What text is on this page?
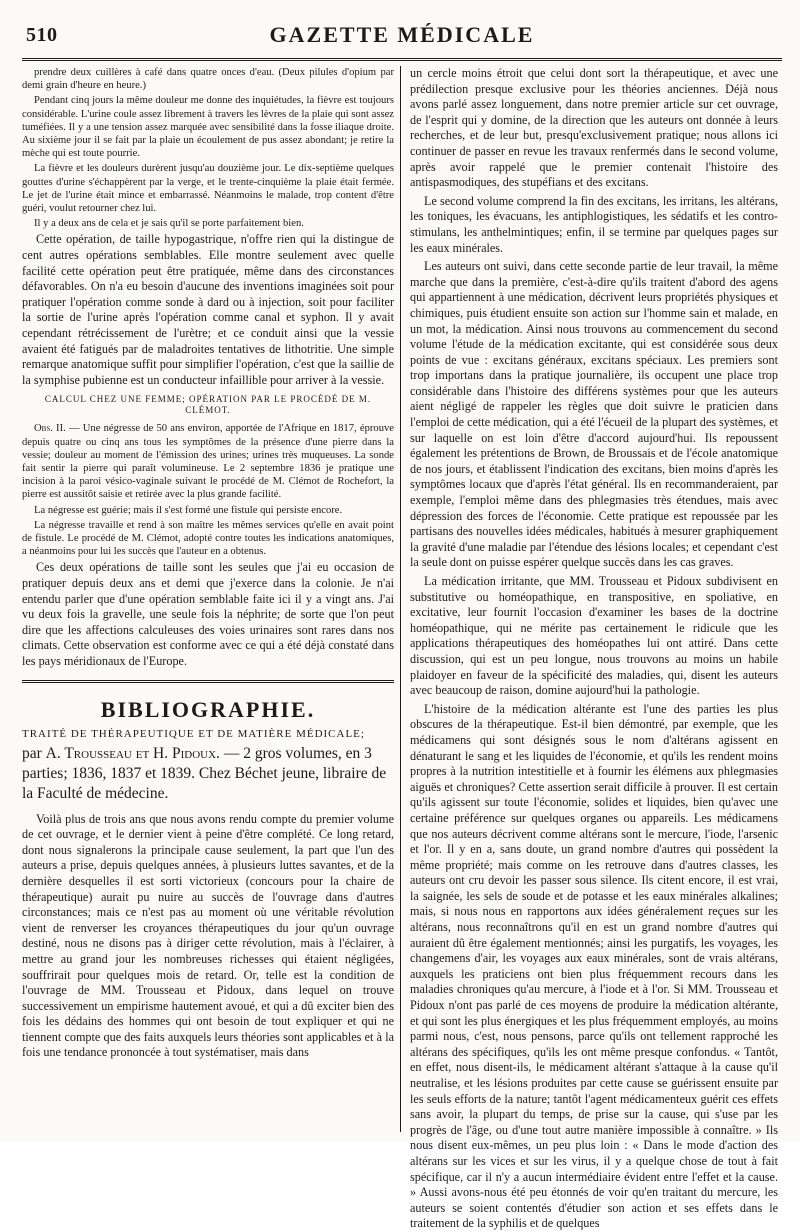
510	GAZETTE MÉDICALE

prendre deux cuillères à café dans quatre onces d'eau. (Deux pilules d'opium par demi grain d'heure en heure.)

Pendant cinq jours la même douleur me donne des inquiétudes, la fièvre est toujours considérable. L'urine coule assez librement à travers les lèvres de la plaie qui sont assez tuméfiées. Il y a une tension assez marquée avec sensibilité dans la fosse iliaque droite. Au sixième jour il se fait par la plaie un écoulement de pus assez abondant; je retire la mèche qui est toute pourrie.

La fièvre et les douleurs durèrent jusqu'au douzième jour. Le dix-septième quelques gouttes d'urine s'échappèrent par la verge, et le trente-cinquième la plaie était fermée. Le jet de l'urine était mince et embarrassé. Néanmoins le malade, trop content d'être guéri, voulut retourner chez lui.

Il y a deux ans de cela et je sais qu'il se porte parfaitement bien.

Cette opération, de taille hypogastrique, n'offre rien qui la distingue de cent autres opérations semblables. Elle montre seulement avec quelle facilité cette opération peut être pratiquée, même dans des circonstances défavorables. On n'a eu besoin d'aucune des inventions imaginées soit pour pratiquer l'opération comme sonde à dard ou à injection, soit pour faciliter la sortie de l'urine après l'opération comme canal et syphon. Il y avait cependant rétrécissement de l'urètre; et ce conduit ainsi que la vessie avaient été fatigués par de maladroites tentatives de lithotritie. Une simple remarque anatomique suffit pour simplifier l'opération, c'est que la saillie de la symphise pubienne est un conducteur infaillible pour arriver à la vessie.

CALCUL CHEZ UNE FEMME; OPÉRATION PAR LE PROCÉDÉ DE M. CLÉMOT.

Obs. II. — Une négresse de 50 ans environ, apportée de l'Afrique en 1817, éprouve depuis quatre ou cinq ans tous les symptômes de la présence d'une pierre dans la vessie; douleur au moment de l'émission des urines; urines très muqueuses. La sonde fait sentir la pierre qui paraît volumineuse. Le 2 septembre 1836 je pratique une incision à la paroi vésico-vaginale suivant le procédé de M. Clémot de Rochefort, la pierre est aussitôt saisie et retirée avec la plus grande facilité.

La négresse est guérie; mais il s'est formé une fistule qui persiste encore.

La négresse travaille et rend à son maître les mêmes services qu'elle en avait point de fistule. Le procédé de M. Clémot, adopté contre toutes les indications anatomiques, a néanmoins pour lui les succès que l'auteur en a obtenus.

Ces deux opérations de taille sont les seules que j'ai eu occasion de pratiquer depuis deux ans et demi que j'exerce dans la colonie. Je n'ai entendu parler que d'une opération semblable faite ici il y a vingt ans. J'ai vu deux fois la gravelle, une seule fois la néphrite; de sorte que l'on peut dire que les affections calculeuses des voies urinaires sont rares dans nos climats. Cette observation est conforme avec ce qui a été déjà constaté dans les pays méridionaux de l'Europe.

BIBLIOGRAPHIE.
TRAITÉ DE THÉRAPEUTIQUE ET DE MATIÈRE MÉDICALE;
par A. Trousseau et H. Pidoux. — 2 gros volumes, en 3 parties; 1836, 1837 et 1839. Chez Béchet jeune, libraire de la Faculté de médecine.

Voilà plus de trois ans que nous avons rendu compte du premier volume de cet ouvrage, et le dernier vient à peine d'être complété. Ce long retard, dont nous signalerons la principale cause seulement, la part que l'un des auteurs a prise, depuis quelques années, à plusieurs luttes savantes, et de la dernière desquelles il est sorti victorieux (concours pour la chaire de thérapeutique) aurait pu nuire au succès de l'ouvrage dans d'autres circonstances; mais ce n'est pas au moment où une véritable révolution vient de renverser les croyances thérapeutiques du jour qu'un ouvrage destiné, nous ne disons pas à diriger cette révolution, mais à l'éclairer, à mettre au grand jour les nombreuses richesses qui étaient négligées, souffrirait pour quelques mois de retard. Or, telle est la condition de l'ouvrage de MM. Trousseau et Pidoux, dans lequel on trouve successivement un empirisme hautement avoué, et qui a dû exciter bien des fois les dédains des hommes qui ont besoin de tout expliquer et qui ne tiennent compte que des faits auxquels leurs théories sont applicables et à la fois une tendance prononcée à tout systématiser, mais dans

un cercle moins étroit que celui dont sort la thérapeutique, et avec une prédilection presque exclusive pour les théories anciennes. Déjà nous avons parlé assez longuement, dans notre premier article sur cet ouvrage, de l'esprit qui y domine, de la direction que les auteurs ont donnée à leurs recherches, et de leur but, presqu'exclusivement pratique; nous allons ici continuer de passer en revue les travaux renfermés dans le second volume, après avoir rappelé que le premier contenait l'histoire des antispasmodiques, des stupéfians et des excitans.

Le second volume comprend la fin des excitans, les irritans, les altérans, les toniques, les évacuans, les antiphlogistiques, les sédatifs et les contro-stimulans, les anthelmintiques; enfin, il se termine par quelques pages sur les eaux minérales.

Les auteurs ont suivi, dans cette seconde partie de leur travail, la même marche que dans la première, c'est-à-dire qu'ils traitent d'abord des agens qui appartiennent à une médication, décrivent leurs propriétés physiques et chimiques, puis étudient ensuite son action sur l'homme sain et malade, en un mot, la médication. Ainsi nous trouvons au commencement du second volume l'étude de la médication excitante, qui est considérée sous deux points de vue : excitans généraux, excitans spéciaux. Les premiers sont trop importans dans la pratique journalière, ils occupent une place trop considérable dans l'histoire des différens systèmes pour que les auteurs aient négligé de rappeler les règles que doit suivre le praticien dans l'emploi de cette médication, qui a été l'écueil de la plupart des systèmes, et sur laquelle on est loin d'être d'accord aujourd'hui. Ils repoussent également les prétentions de Brown, de Broussais et de l'école anatomique de nos jours, et établissent l'indication des excitans, bien moins d'après les symptômes locaux que d'après l'état général. Ils en recommanderaient, par exemple, l'emploi même dans des phlegmasies très étendues, mais avec dépression des forces de l'économie. Cette pratique est repoussée par les partisans des nouvelles idées médicales, habitués à mesurer graphiquement la gravité d'une maladie par l'étendue des lésions locales; et cependant c'est la seule dont on puisse espérer quelque succès dans les cas graves.

La médication irritante, que MM. Trousseau et Pidoux subdivisent en substitutive ou homéopathique, en transpositive, en spoliative, en excitative, leur fournit l'occasion d'examiner les bases de la doctrine homéopathique, qui ne mérite pas certainement le ridicule que les applications thérapeutiques des homéopathes lui ont attiré. Dans cette discussion, qui est un peu longue, nous trouvons au moins un habile plaidoyer en faveur de la spécificité des maladies, qui, disent les auteurs avec beaucoup de raison, domine aujourd'hui la pathologie.

L'histoire de la médication altérante est l'une des parties les plus obscures de la thérapeutique. Est-il bien démontré, par exemple, que les médicamens qui sont désignés sous le nom d'altérans agissent en dénaturant le sang et les liquides de l'économie, et qu'ils les rendent moins propres à la nutrition intestitielle et à fournir les élémens aux phlegmasies aiguës et chroniques? Cette assertion serait difficile à prouver. Il est certain qu'ils agissent sur toute l'économie, solides et liquides, bien qu'avec une certaine préférence sur quelques organes ou appareils. Les médicamens que nos auteurs décrivent comme altérans sont le mercure, l'iode, l'arsenic et l'or. Il y en a, sans doute, un grand nombre d'autres qui possèdent la même propriété; mais comme on les retrouve dans d'autres classes, les auteurs ont cru devoir les passer sous silence. Ils citent encore, il est vrai, la saignée, les sels de soude et de potasse et les eaux minérales alkalines; mais, si nous nous en rapportons aux idées généralement reçues sur les altérans, nous reconnaîtrons qu'il en est un grand nombre d'autres qui auraient dû être également mentionnés; ainsi les purgatifs, les voyages, les changemens d'air, les voyages aux eaux minérales, sont de vrais altérans, auxquels les praticiens ont bien plus fréquemment recours dans les maladies chroniques qu'au mercure, à l'iode et à l'or. Si MM. Trousseau et Pidoux n'ont pas parlé de ces moyens de produire la médication altérante, et qui sont les plus énergiques et les plus fréquemment employés, au moins parmi nous, c'est, nous pensons, parce qu'ils ont tellement rapproché les altérans des spécifiques, qu'ils les ont même presque confondus. « Tantôt, en effet, nous disent-ils, le médicament altérant s'attaque à la cause qu'il neutralise, et les lésions produites par cette cause se guérissent ensuite par les seuls efforts de la nature; tantôt l'agent médicamenteux guérit ces effets sans avoir, la plupart du temps, de prise sur la cause, qui s'use par les progrès de l'âge, ou d'une tout autre manière impossible à connaître. » Ils nous disent eux-mêmes, un peu plus loin : « Dans le mode d'action des altérans sur les vices et sur les virus, il y a quelque chose de tout à fait spécifique, car il n'y a aucun intermédiaire évident entre l'effet et la cause. » Aussi avons-nous été peu étonnés de voir qu'en traitant du mercure, les auteurs se soient contentés d'étudier son action et ses effets dans le traitement de la syphilis et de quelques
